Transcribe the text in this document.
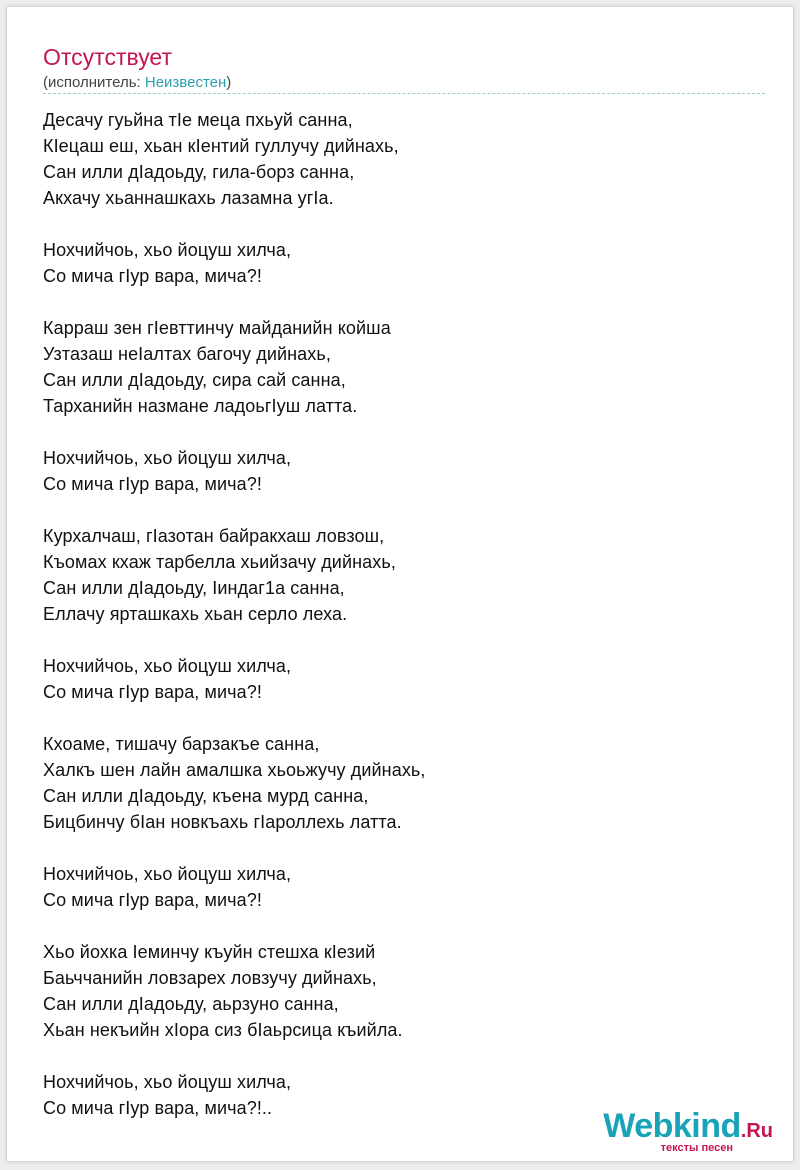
Отсутствует
(исполнитель: Неизвестен)
Десачу гуьйна тIе меца пхьуй санна,
КIецаш еш, хьан кIентий гуллучу дийнахь,
Сан илли дIадоьду, гила-борз санна,
Акхачу хьаннашкахь лазамна угIа.
Нохчийчоь, хьо йоцуш хилча,
Со мича гIур вара, мича?!
Карраш зен гIевттинчу майданийн койша
Узтазаш неIалтах багочу дийнахь,
Сан илли дIадоьду, сира сай санна,
Тарханийн назмане ладоьгIуш латта.
Нохчийчоь, хьо йоцуш хилча,
Со мича гIур вара, мича?!
Курхалчаш, гIазотан байракхаш ловзош,
Къомах кхаж тарбелла хьийзачу дийнахь,
Сан илли дIадоьду, Iиндаг1а санна,
Еллачу ярташкахь хьан серло леха.
Нохчийчоь, хьо йоцуш хилча,
Со мича гIур вара, мича?!
Кхоаме, тишачу барзакъе санна,
Халкъ шен лайн амалшка хьоьжучу дийнахь,
Сан илли дIадоьду, къена мурд санна,
Бицбинчу бIан новкъахь гIароллехь латта.
Нохчийчоь, хьо йоцуш хилча,
Со мича гIур вара, мича?!
Хьо йохка Iеминчу къуйн стешха кIезий
Баьччанийн ловзарех ловзучу дийнахь,
Сан илли дIадоьду, аьрзуно санна,
Хьан некъийн хIора сиз бIаьрсица къийла.
Нохчийчоь, хьо йоцуш хилча,
Со мича гIур вара, мича?!..	Webkind.Ru
тексты песен
